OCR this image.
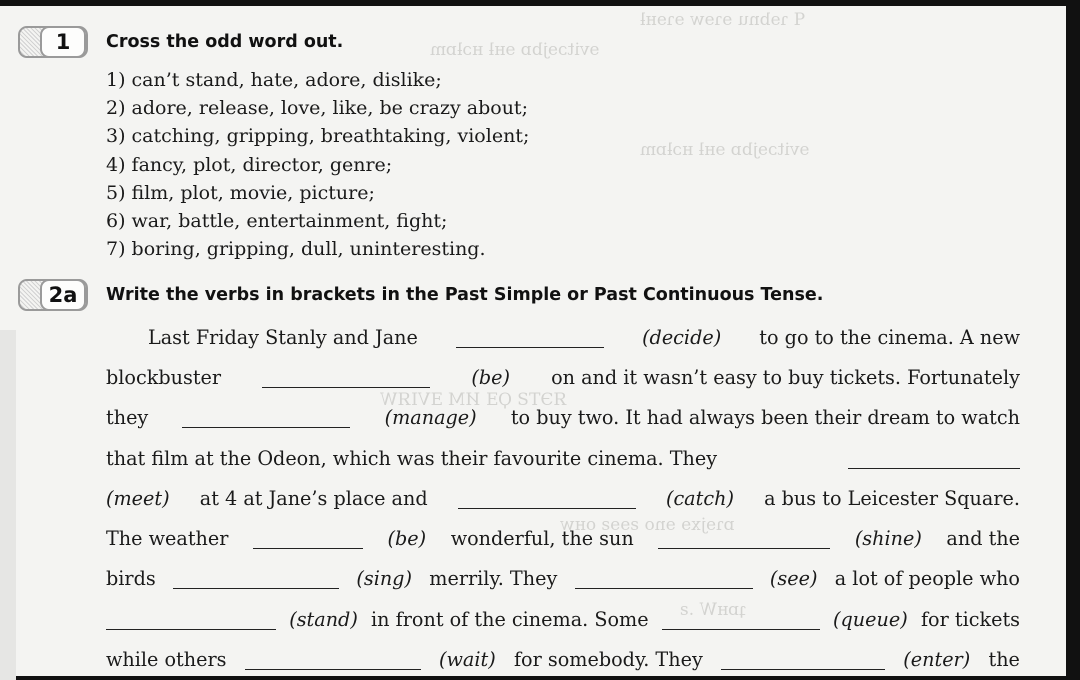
ꟼ ɿɘbnu ɘɿɘw ɘɿɘʜƚ
ɘvitɔɘjbɒ ɘʜƚ ʜɔƚɒm
ɘvitɔɘjbɒ ɘʜƚ ʜɔƚɒm
ЯЭΤƧ ϘƎ ИМ ƎVIЯW
ɒɿɘjxɘ ɘno ƨɘɘƨ oʜw
ʇɒʜW .ꙅ
1	Cross the odd word out.
1) can’t stand, hate, adore, dislike;
2) adore, release, love, like, be crazy about;
3) catching, gripping, breathtaking, violent;
4) fancy, plot, director, genre;
5) film, plot, movie, picture;
6) war, battle, entertainment, fight;
7) boring, gripping, dull, uninteresting.
2a	Write the verbs in brackets in the Past Simple or Past Continuous Tense.
Last Friday Stanly and Jane	(decide) to go to the cinema. A new
blockbuster	(be) on and it wasn’t easy to buy tickets. Fortunately
they	(manage) to buy two. It had always been their dream to watch
that film at the Odeon, which was their favourite cinema. They
(meet) at 4 at Jane’s place and	(catch) a bus to Leicester Square.
The weather	(be) wonderful, the sun	(shine) and the
birds	(sing) merrily. They	(see) a lot of people who
(stand) in front of the cinema. Some	(queue) for tickets
while others	(wait) for somebody. They	(enter) the
